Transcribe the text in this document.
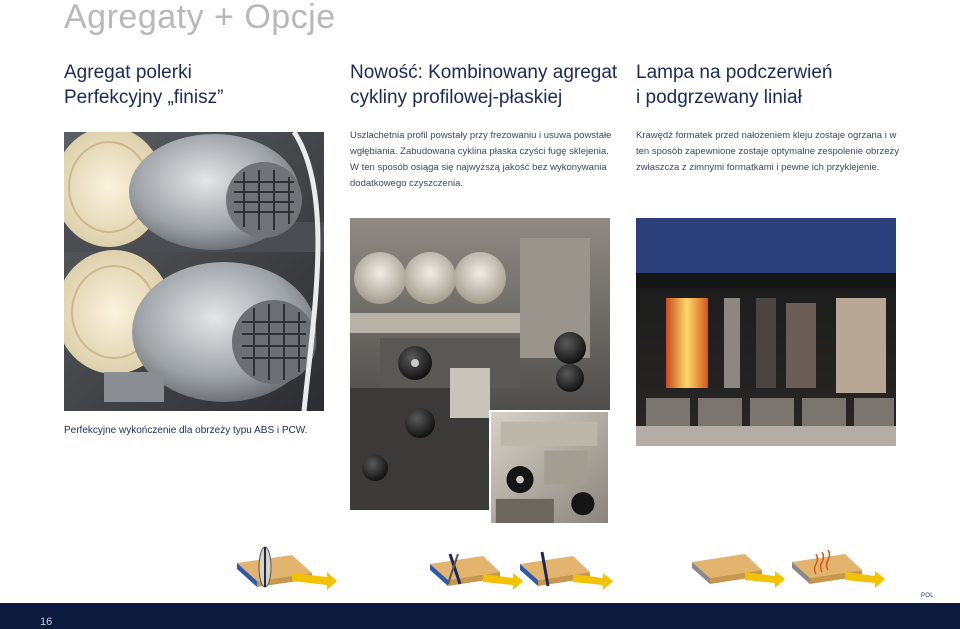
Agregaty + Opcje
Agregat polerki
Perfekcyjny „finisz”
Nowość: Kombinowany agregat
cykliny profilowej-płaskiej
Uszlachetnia profil powstały przy frezowaniu i usuwa powstałe
wgłębiania. Zabudowana cyklina płaska czyści fugę sklejenia.
W ten sposób osiąga się najwyższą jakość bez wykonywania
dodatkowego czyszczenia.
Lampa na podczerwień
i podgrzewany liniał
Krawędź formatek przed nałożeniem kleju zostaje ogrzana i w
ten sposób zapewnione zostaje optymalne zespolenie obrzeży
zwłaszcza z zimnymi formatkami i pewne ich przyklejenie.
Perfekcyjne wykończenie dla obrzeży typu ABS i PCW.
POL
16
